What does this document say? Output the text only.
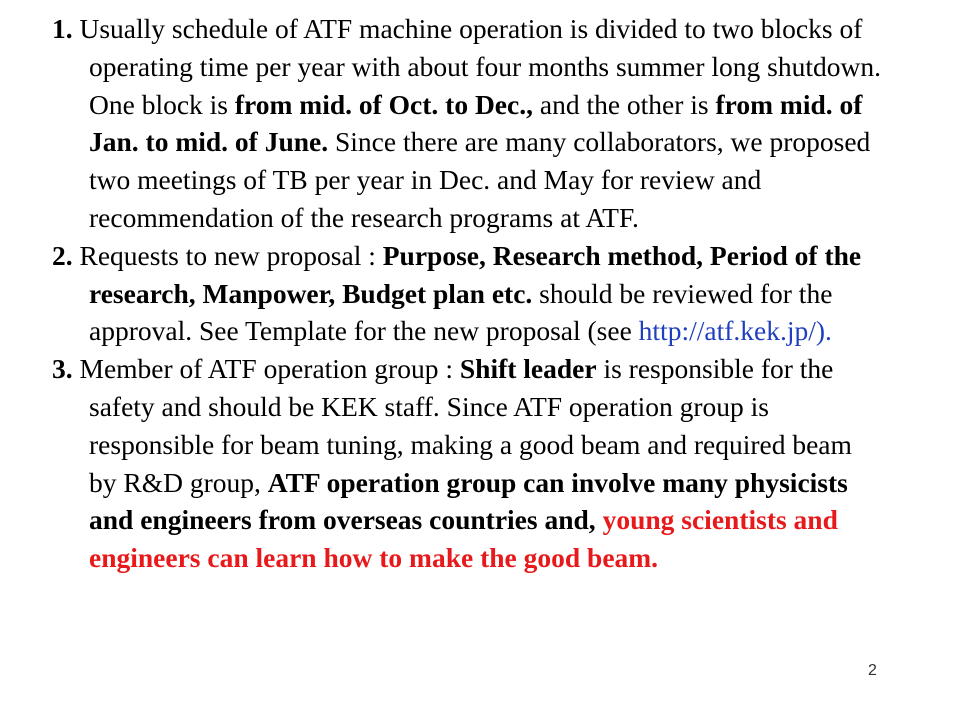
1. Usually schedule of ATF machine operation is divided to two blocks of operating time per year with about four months summer long shutdown. One block is from mid. of Oct. to Dec., and the other is from mid. of Jan. to mid. of June. Since there are many collaborators, we proposed two meetings of TB per year in Dec. and May for review and recommendation of the research programs at ATF.

2. Requests to new proposal : Purpose, Research method, Period of the research, Manpower, Budget plan etc. should be reviewed for the approval. See Template for the new proposal (see http://atf.kek.jp/).

3. Member of ATF operation group : Shift leader is responsible for the safety and should be KEK staff. Since ATF operation group is responsible for beam tuning, making a good beam and required beam by R&D group, ATF operation group can involve many physicists and engineers from overseas countries and, young scientists and engineers can learn how to make the good beam.

2
